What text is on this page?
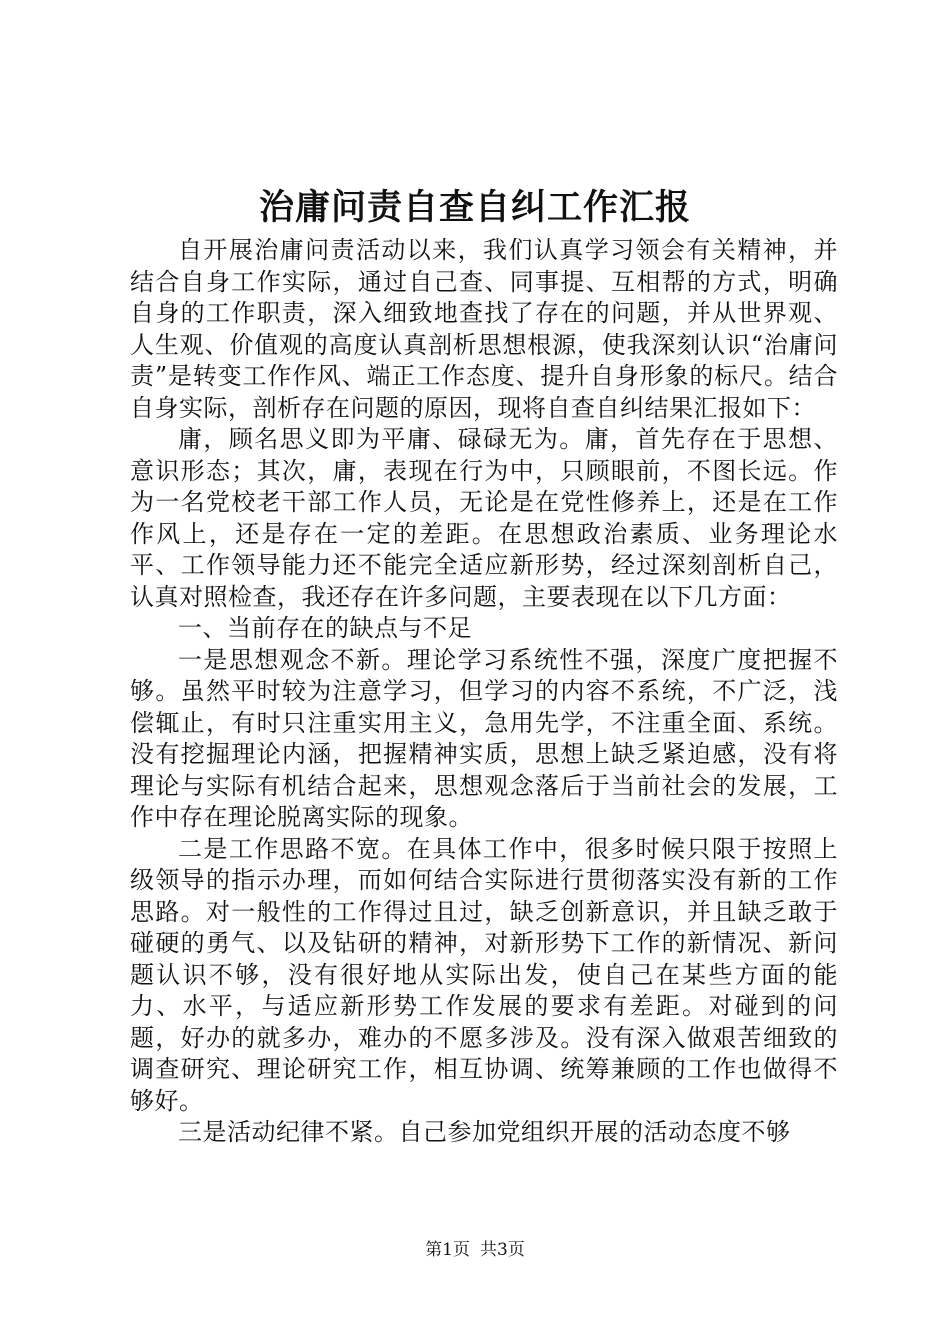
治庸问责自查自纠工作汇报

自开展治庸问责活动以来，我们认真学习领会有关精神，并结合自身工作实际，通过自己查、同事提、互相帮的方式，明确自身的工作职责，深入细致地查找了存在的问题，并从世界观、人生观、价值观的高度认真剖析思想根源，使我深刻认识“治庸问责”是转变工作作风、端正工作态度、提升自身形象的标尺。结合自身实际，剖析存在问题的原因，现将自查自纠结果汇报如下：

庸，顾名思义即为平庸、碌碌无为。庸，首先存在于思想、意识形态；其次，庸，表现在行为中，只顾眼前，不图长远。作为一名党校老干部工作人员，无论是在党性修养上，还是在工作作风上，还是存在一定的差距。在思想政治素质、业务理论水平、工作领导能力还不能完全适应新形势，经过深刻剖析自己，认真对照检查，我还存在许多问题，主要表现在以下几方面：

一、当前存在的缺点与不足

一是思想观念不新。理论学习系统性不强，深度广度把握不够。虽然平时较为注意学习，但学习的内容不系统，不广泛，浅偿辄止，有时只注重实用主义，急用先学，不注重全面、系统。没有挖掘理论内涵，把握精神实质，思想上缺乏紧迫感，没有将理论与实际有机结合起来，思想观念落后于当前社会的发展，工作中存在理论脱离实际的现象。

二是工作思路不宽。在具体工作中，很多时候只限于按照上级领导的指示办理，而如何结合实际进行贯彻落实没有新的工作思路。对一般性的工作得过且过，缺乏创新意识，并且缺乏敢于碰硬的勇气、以及钻研的精神，对新形势下工作的新情况、新问题认识不够，没有很好地从实际出发，使自己在某些方面的能力、水平，与适应新形势工作发展的要求有差距。对碰到的问题，好办的就多办，难办的不愿多涉及。没有深入做艰苦细致的调查研究、理论研究工作，相互协调、统筹兼顾的工作也做得不够好。

三是活动纪律不紧。自己参加党组织开展的活动态度不够

第1页 共3页
